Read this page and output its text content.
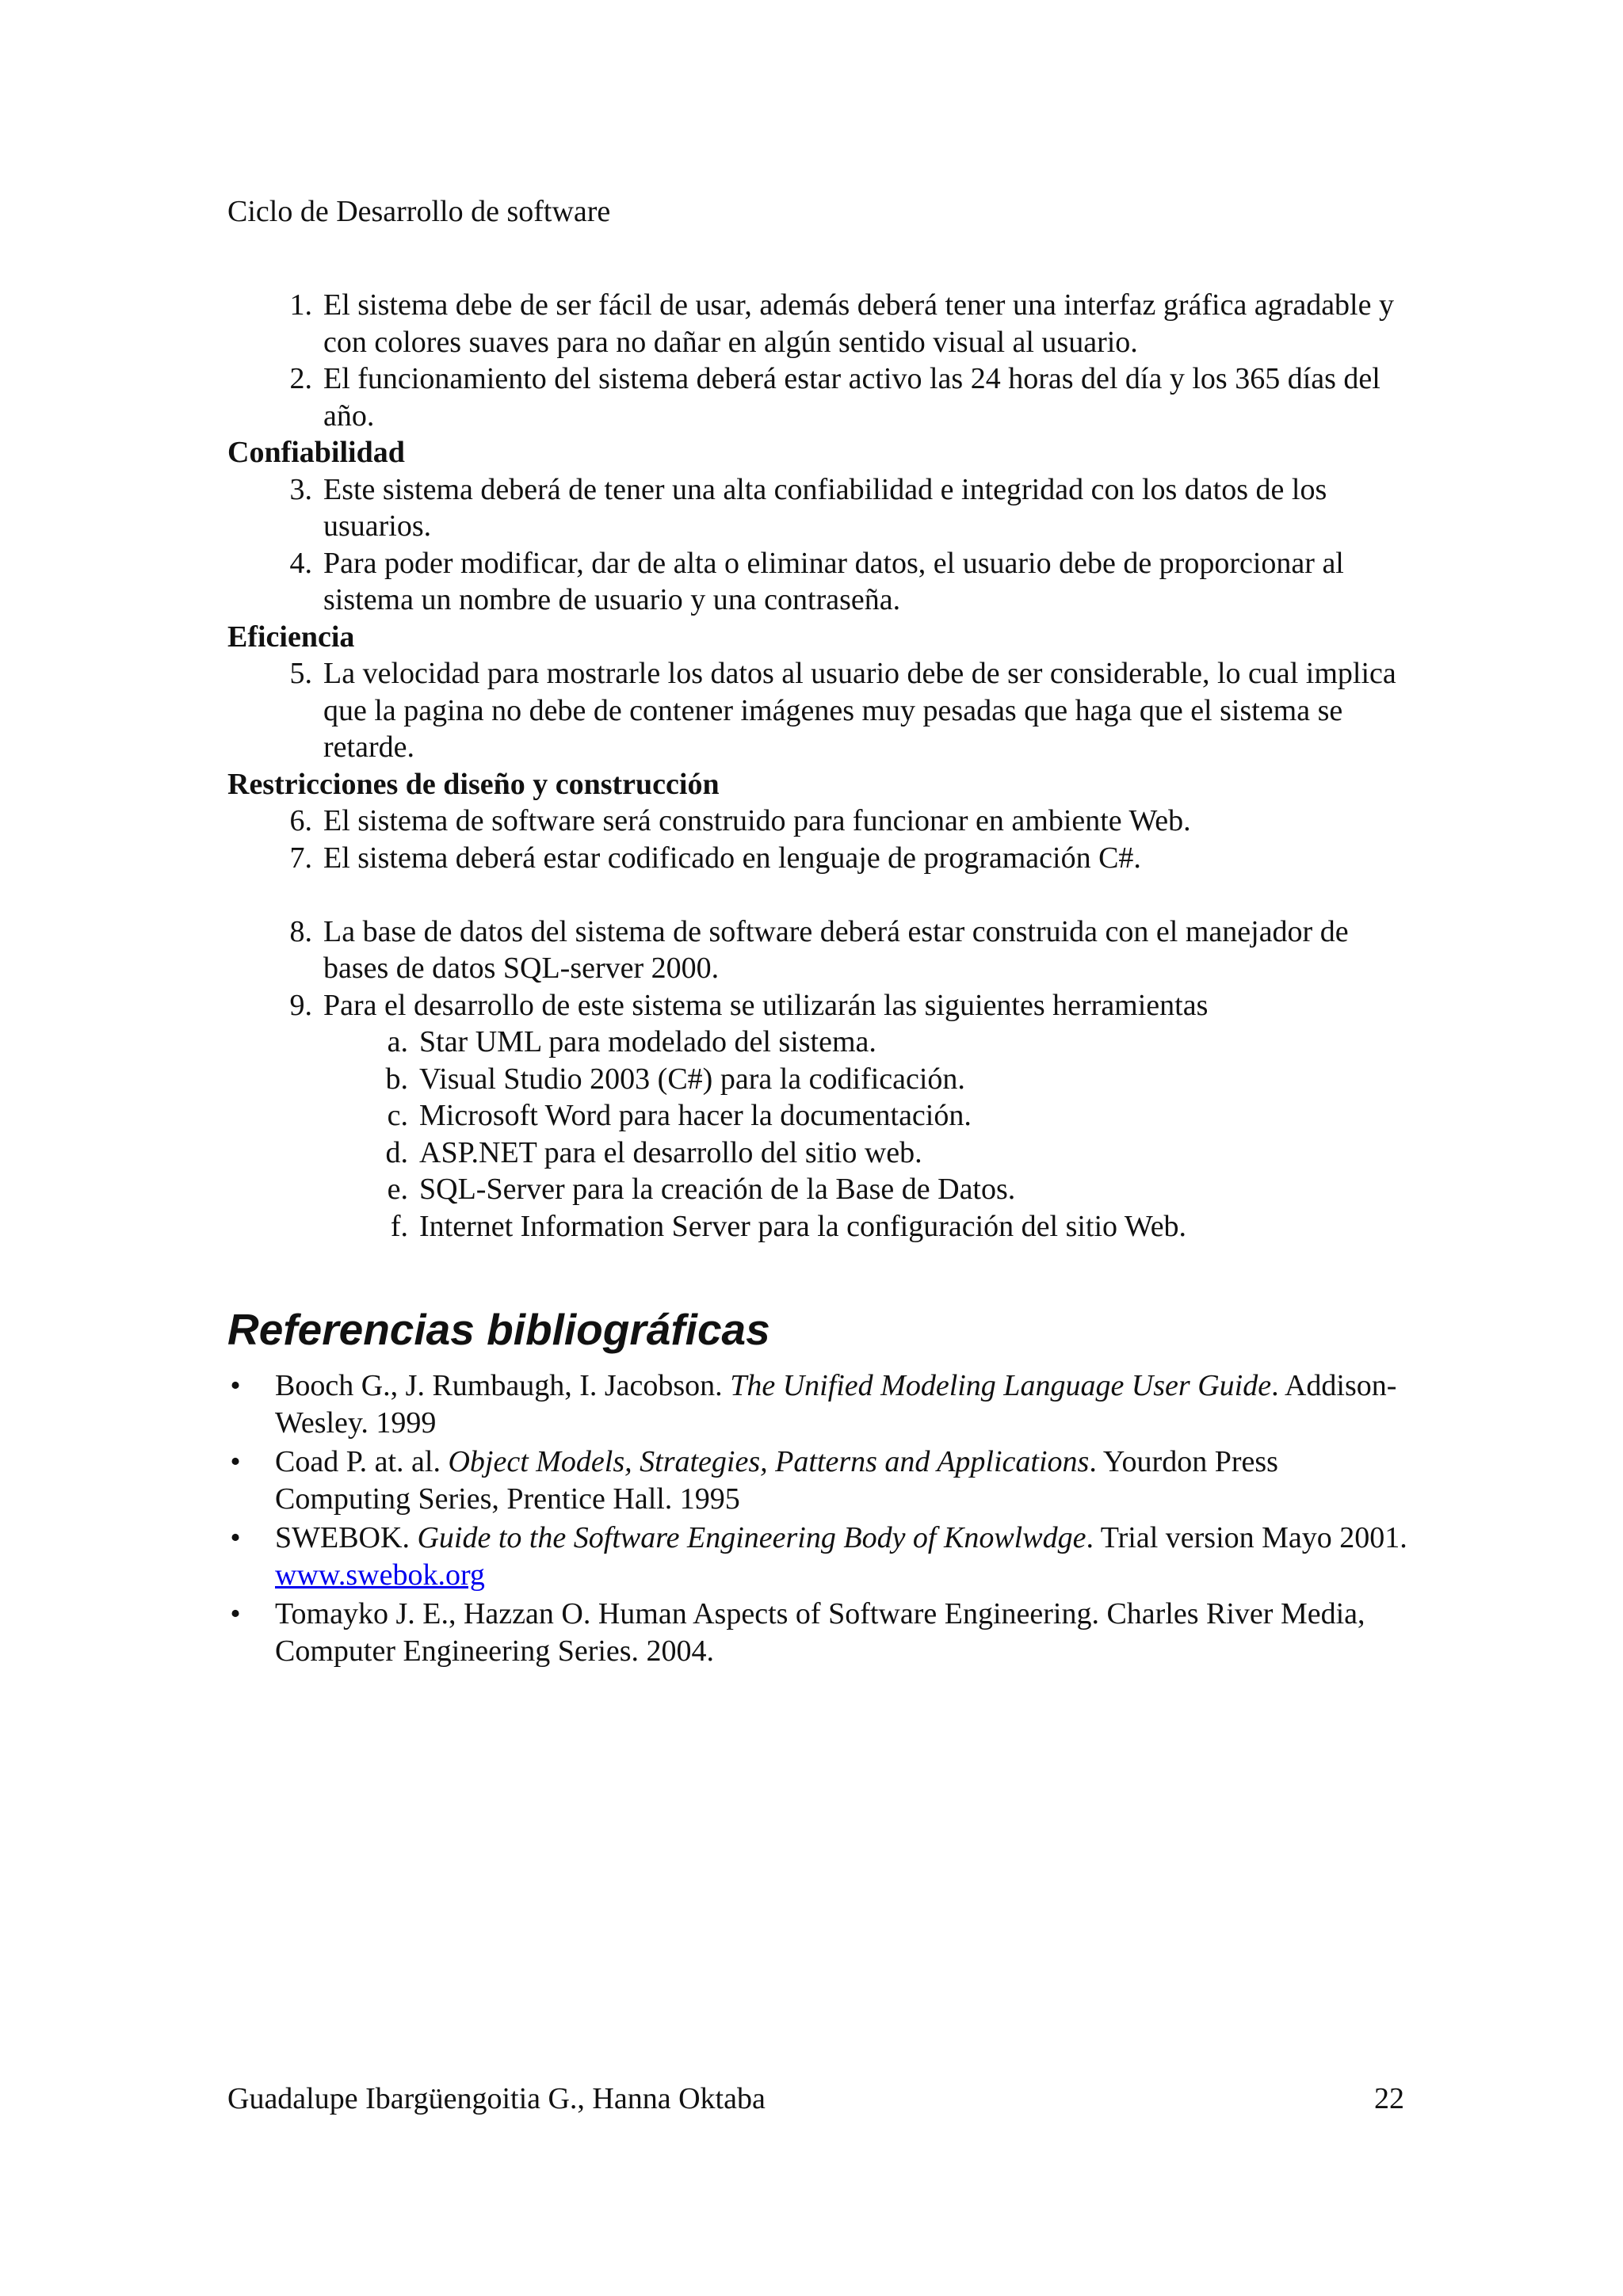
Ciclo de Desarrollo de software
1. El sistema debe de ser fácil de usar, además deberá tener una interfaz gráfica agradable y con colores suaves para no dañar en algún sentido visual al usuario.
2. El funcionamiento del sistema deberá estar activo las 24 horas del día y los 365 días del año.
Confiabilidad
3. Este sistema deberá de tener una alta confiabilidad e integridad con los datos de los usuarios.
4. Para poder modificar, dar de alta o eliminar datos, el usuario debe de proporcionar al sistema un nombre de usuario y una contraseña.
Eficiencia
5. La velocidad para mostrarle los datos al usuario debe de ser considerable, lo cual implica que la pagina no debe de contener imágenes muy pesadas que haga que el sistema se retarde.
Restricciones de diseño y construcción
6. El sistema de software será construido para funcionar en ambiente Web.
7. El sistema deberá estar codificado en lenguaje de programación C#.
8. La base de datos del sistema de software deberá estar construida con el manejador de bases de datos SQL-server 2000.
9. Para el desarrollo de este sistema se utilizarán las siguientes herramientas
a. Star UML para modelado del sistema.
b. Visual Studio 2003 (C#) para la codificación.
c. Microsoft Word para hacer la documentación.
d. ASP.NET para el desarrollo del sitio web.
e. SQL-Server para la creación de la Base de Datos.
f. Internet Information Server para la configuración del sitio Web.
Referencias bibliográficas
• Booch G., J. Rumbaugh, I. Jacobson. The Unified Modeling Language User Guide. Addison-Wesley. 1999
• Coad P. at. al. Object Models, Strategies, Patterns and Applications. Yourdon Press Computing Series, Prentice Hall. 1995
• SWEBOK. Guide to the Software Engineering Body of Knowlwdge. Trial version Mayo 2001. www.swebok.org
• Tomayko J. E., Hazzan O. Human Aspects of Software Engineering. Charles River Media, Computer Engineering Series. 2004.
Guadalupe Ibargüengoitia G., Hanna Oktaba	22
